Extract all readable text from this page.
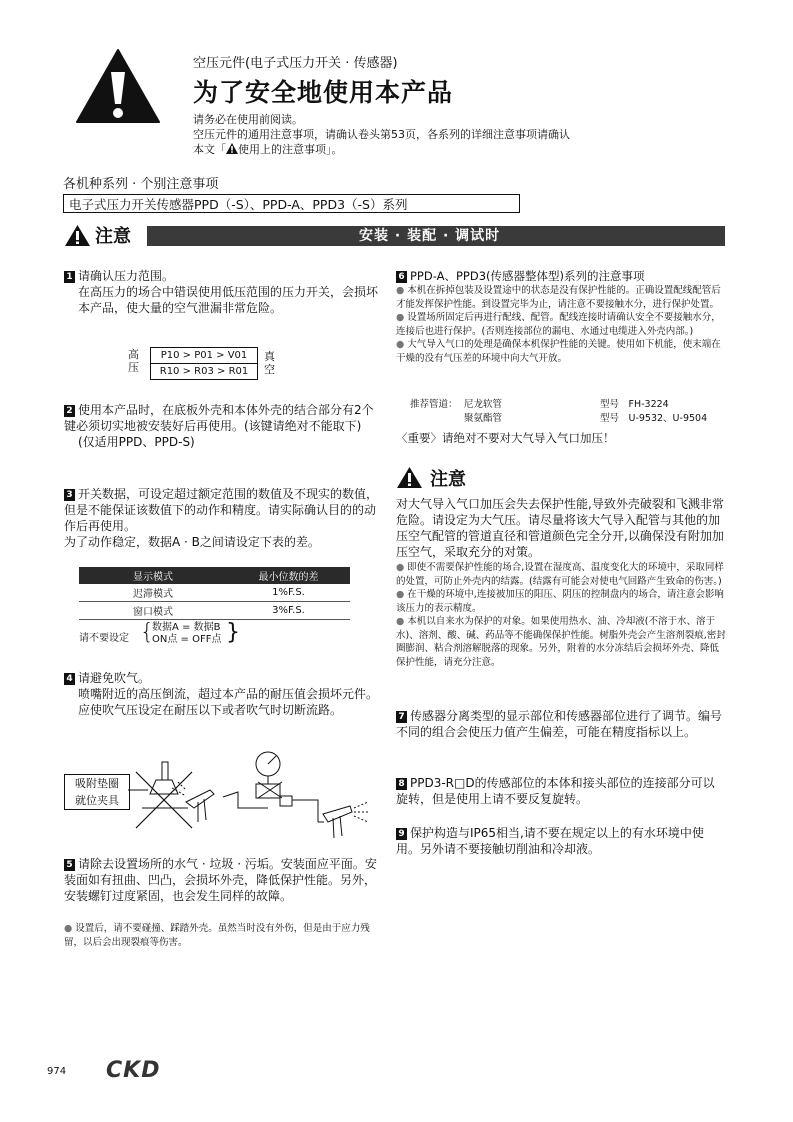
空压元件(电子式压力开关 · 传感器)
为了安全地使用本产品
请务必在使用前阅读。
空压元件的通用注意事项，请确认卷头第53页，各系列的详细注意事项请确认
本文「 使用上的注意事项」。
各机种系列 · 个别注意事项
电子式压力开关传感器PPD（-S）、PPD-A、PPD3（-S）系列
注意	安装 · 装配 · 调试时
1 请确认压力范围。
在高压力的场合中错误使用低压范围的压力开关，会损坏本产品，使大量的空气泄漏非常危险。
高压
P10 > P01 > V01
R10 > R03 > R01
真空
2 使用本产品时，在底板外壳和本体外壳的结合部分有2个键必须切实地被安装好后再使用。(该键请绝对不能取下)
(仅适用PPD、PPD-S)
3 开关数据，可设定超过额定范围的数值及不现实的数值，但是不能保证该数值下的动作和精度。请实际确认目的的动作后再使用。
为了动作稳定，数据A · B之间请设定下表的差。
显示模式	最小位数的差
迟滞模式	1%F.S.
窗口模式	3%F.S.
请不要设定 {
数据A = 数据B
ON点 = OFF点 }
4 请避免吹气。
喷嘴附近的高压倒流，超过本产品的耐压值会损坏元件。应使吹气压设定在耐压以下或者吹气时切断流路。
吸附垫圈
就位夹具
5 请除去设置场所的水气 · 垃圾 · 污垢。安装面应平面。安装面如有扭曲、凹凸，会损坏外壳，降低保护性能。另外，安装螺钉过度紧固，也会发生同样的故障。
● 设置后，请不要碰撞、踩踏外壳。虽然当时没有外伤，但是由于应力残留，以后会出现裂痕等伤害。
6 PPD-A、PPD3(传感器整体型)系列的注意事项
● 本机在拆掉包装及设置途中的状态是没有保护性能的。正确设置配线配管后才能发挥保护性能。到设置完毕为止，请注意不要接触水分，进行保护处置。
● 设置场所固定后再进行配线、配管。配线连接时请确认安全不要接触水分，连接后也进行保护。(否则连接部位的漏电、水通过电缆进入外壳内部。)
● 大气导入气口的处理是确保本机保护性能的关键。使用如下机能，使末端在干燥的没有气压差的环境中向大气开放。
推荐管道： 尼龙软管	型号　FH-3224
聚氨酯管	型号　U-9532、U-9504
〈重要〉请绝对不要对大气导入气口加压！
注意
对大气导入气口加压会失去保护性能,导致外壳破裂和飞溅非常危险。请设定为大气压。请尽量将该大气导入配管与其他的加压空气配管的管道直径和管道颜色完全分开,以确保没有附加加压空气，采取充分的对策。
● 即使不需要保护性能的场合,设置在湿度高、温度变化大的环境中，采取同样的处置，可防止外壳内的结露。(结露有可能会对使电气回路产生致命的伤害。)
● 在干燥的环境中,连接被加压的阳压、阴压的控制盘内的场合，请注意会影响该压力的表示精度。
● 本机以自来水为保护的对象。如果使用热水、油、冷却液(不溶于水、溶于水)、溶剂、酸、碱、药品等不能确保保护性能。树脂外壳会产生溶剂裂痕,密封圈膨润、粘合剂溶解脱落的现象。另外，附着的水分冻结后会损坏外壳、降低保护性能，请充分注意。
7 传感器分离类型的显示部位和传感器部位进行了调节。编号不同的组合会使压力值产生偏差，可能在精度指标以上。
8 PPD3-R□D的传感部位的本体和接头部位的连接部分可以旋转，但是使用上请不要反复旋转。
9 保护构造与IP65相当,请不要在规定以上的有水环境中使用。另外请不要接触切削油和冷却液。
974 CKD
